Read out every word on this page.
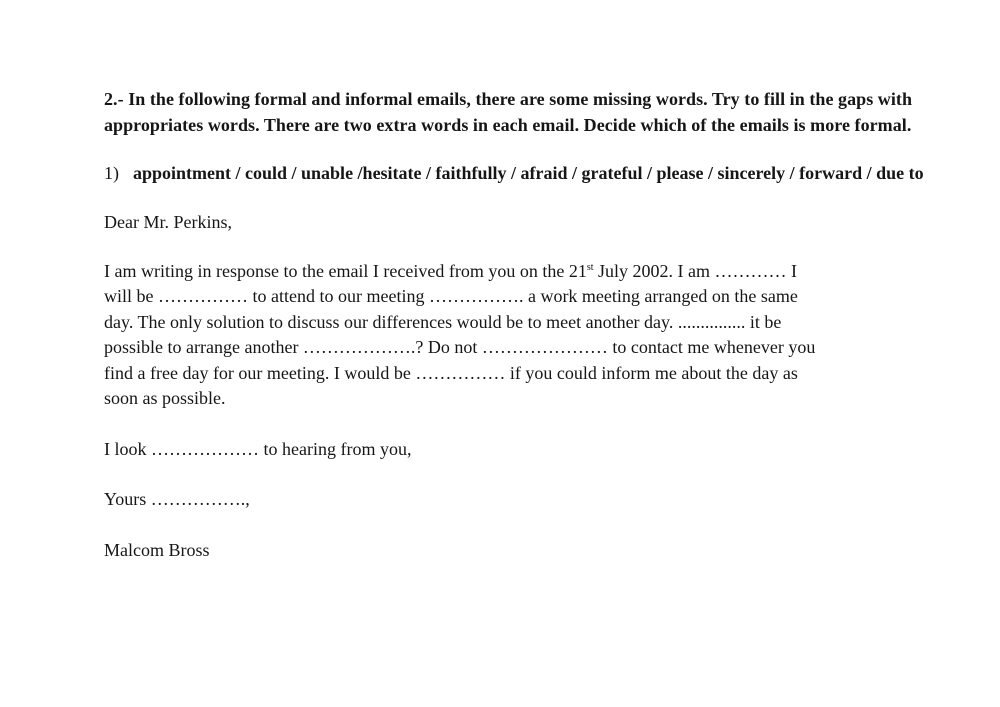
2.- In the following formal and informal emails, there are some missing words. Try to fill in the gaps with appropriates words. There are two extra words in each email. Decide which of the emails is more formal.

1) appointment / could / unable /hesitate / faithfully / afraid / grateful / please / sincerely / forward / due to

Dear Mr. Perkins,

I am writing in response to the email I received from you on the 21st July 2002. I am ………… I
will be …………… to attend to our meeting ……………. a work meeting arranged on the same
day. The only solution to discuss our differences would be to meet another day. ............... it be
possible to arrange another ……………….? Do not ………………… to contact me whenever you
find a free day for our meeting. I would be …………… if you could inform me about the day as
soon as possible.

I look ……………… to hearing from you,

Yours …………….,

Malcom Bross
